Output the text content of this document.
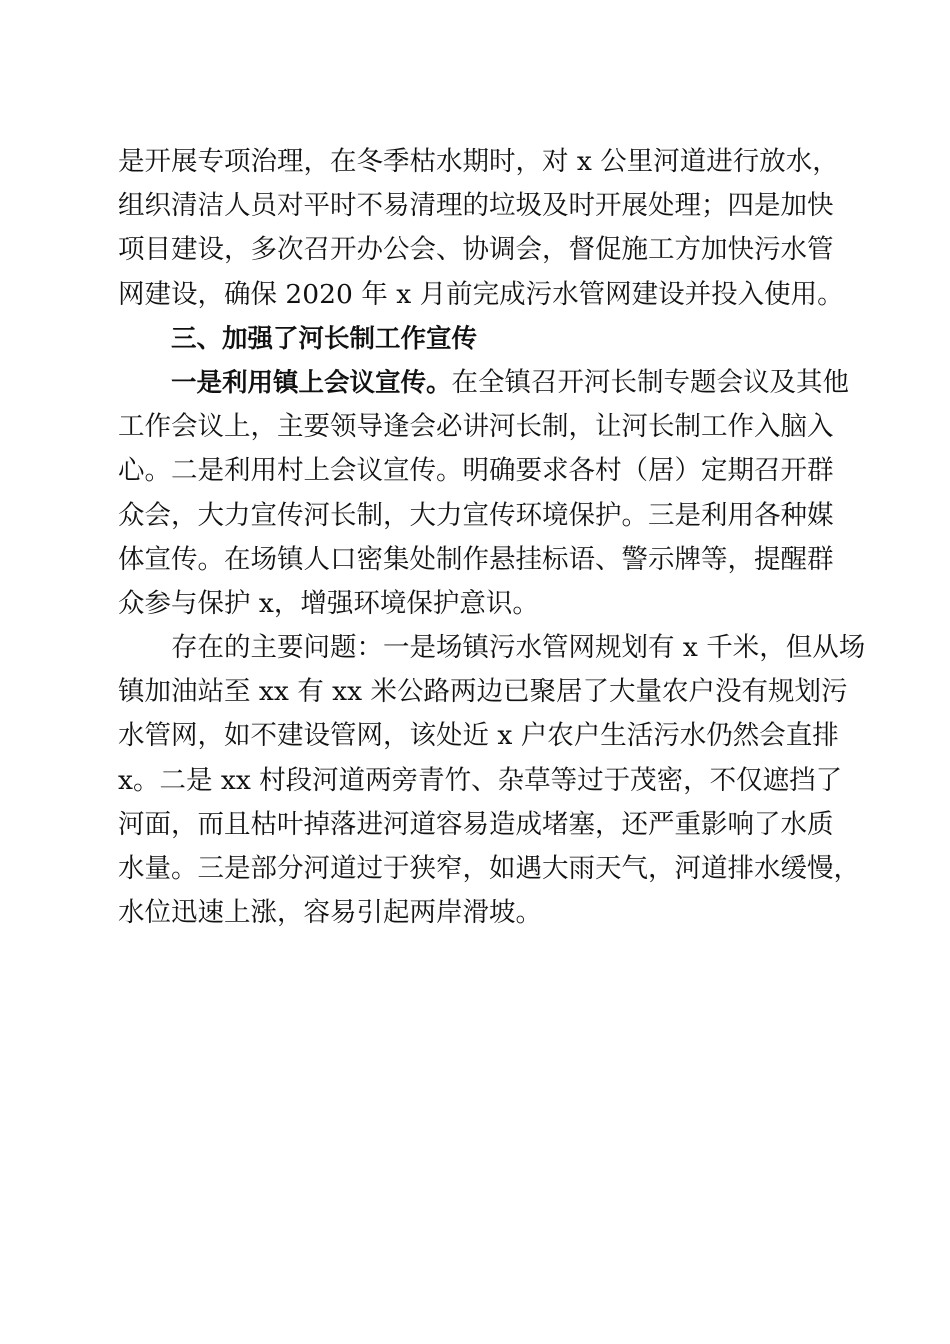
是开展专项治理，在冬季枯水期时，对 x 公里河道进行放水，
组织清洁人员对平时不易清理的垃圾及时开展处理；四是加快
项目建设，多次召开办公会、协调会，督促施工方加快污水管
网建设，确保 2020 年 x 月前完成污水管网建设并投入使用。
三、加强了河长制工作宣传
一是利用镇上会议宣传。在全镇召开河长制专题会议及其他
工作会议上，主要领导逢会必讲河长制，让河长制工作入脑入
心。二是利用村上会议宣传。明确要求各村（居）定期召开群
众会，大力宣传河长制，大力宣传环境保护。三是利用各种媒
体宣传。在场镇人口密集处制作悬挂标语、警示牌等，提醒群
众参与保护 x，增强环境保护意识。
存在的主要问题：一是场镇污水管网规划有 x 千米，但从场
镇加油站至 xx 有 xx 米公路两边已聚居了大量农户没有规划污
水管网，如不建设管网，该处近 x 户农户生活污水仍然会直排
x。二是 xx 村段河道两旁青竹、杂草等过于茂密，不仅遮挡了
河面，而且枯叶掉落进河道容易造成堵塞，还严重影响了水质
水量。三是部分河道过于狭窄，如遇大雨天气，河道排水缓慢，
水位迅速上涨，容易引起两岸滑坡。
